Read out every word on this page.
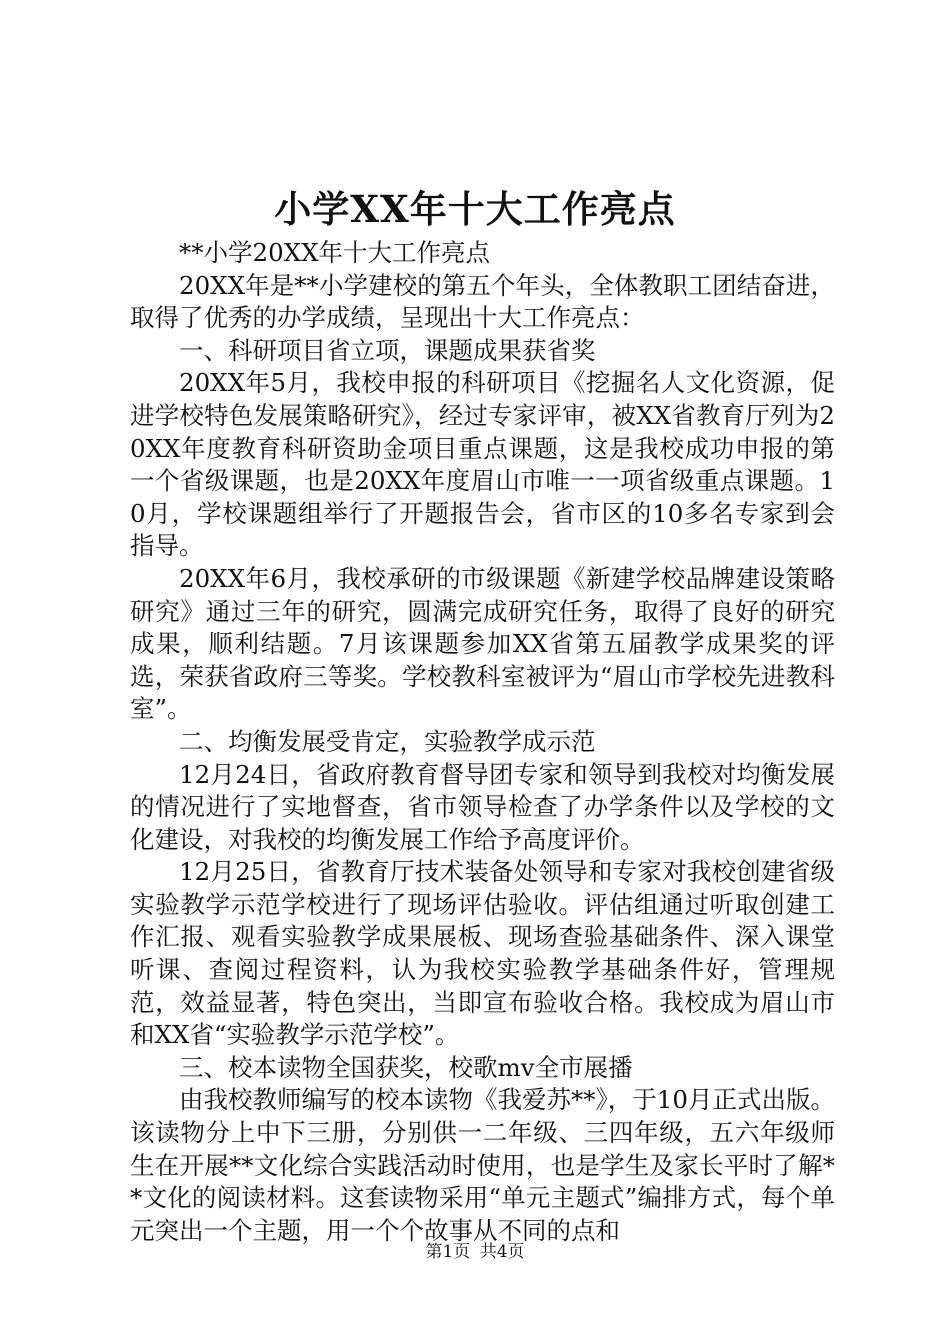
小学XX年十大工作亮点

**小学20XX年十大工作亮点

20XX年是**小学建校的第五个年头，全体教职工团结奋进，取得了优秀的办学成绩，呈现出十大工作亮点：

一、科研项目省立项，课题成果获省奖

20XX年5月，我校申报的科研项目《挖掘名人文化资源，促进学校特色发展策略研究》，经过专家评审，被XX省教育厅列为20XX年度教育科研资助金项目重点课题，这是我校成功申报的第一个省级课题，也是20XX年度眉山市唯一一项省级重点课题。10月，学校课题组举行了开题报告会，省市区的10多名专家到会指导。

20XX年6月，我校承研的市级课题《新建学校品牌建设策略研究》通过三年的研究，圆满完成研究任务，取得了良好的研究成果，顺利结题。7月该课题参加XX省第五届教学成果奖的评选，荣获省政府三等奖。学校教科室被评为“眉山市学校先进教科室”。

二、均衡发展受肯定，实验教学成示范

12月24日，省政府教育督导团专家和领导到我校对均衡发展的情况进行了实地督查，省市领导检查了办学条件以及学校的文化建设，对我校的均衡发展工作给予高度评价。

12月25日，省教育厅技术装备处领导和专家对我校创建省级实验教学示范学校进行了现场评估验收。评估组通过听取创建工作汇报、观看实验教学成果展板、现场查验基础条件、深入课堂听课、查阅过程资料，认为我校实验教学基础条件好，管理规范，效益显著，特色突出，当即宣布验收合格。我校成为眉山市和XX省“实验教学示范学校”。

三、校本读物全国获奖，校歌mv全市展播

由我校教师编写的校本读物《我爱苏**》，于10月正式出版。该读物分上中下三册，分别供一二年级、三四年级，五六年级师生在开展**文化综合实践活动时使用，也是学生及家长平时了解**文化的阅读材料。这套读物采用“单元主题式”编排方式，每个单元突出一个主题，用一个个故事从不同的点和

第1页 共4页
